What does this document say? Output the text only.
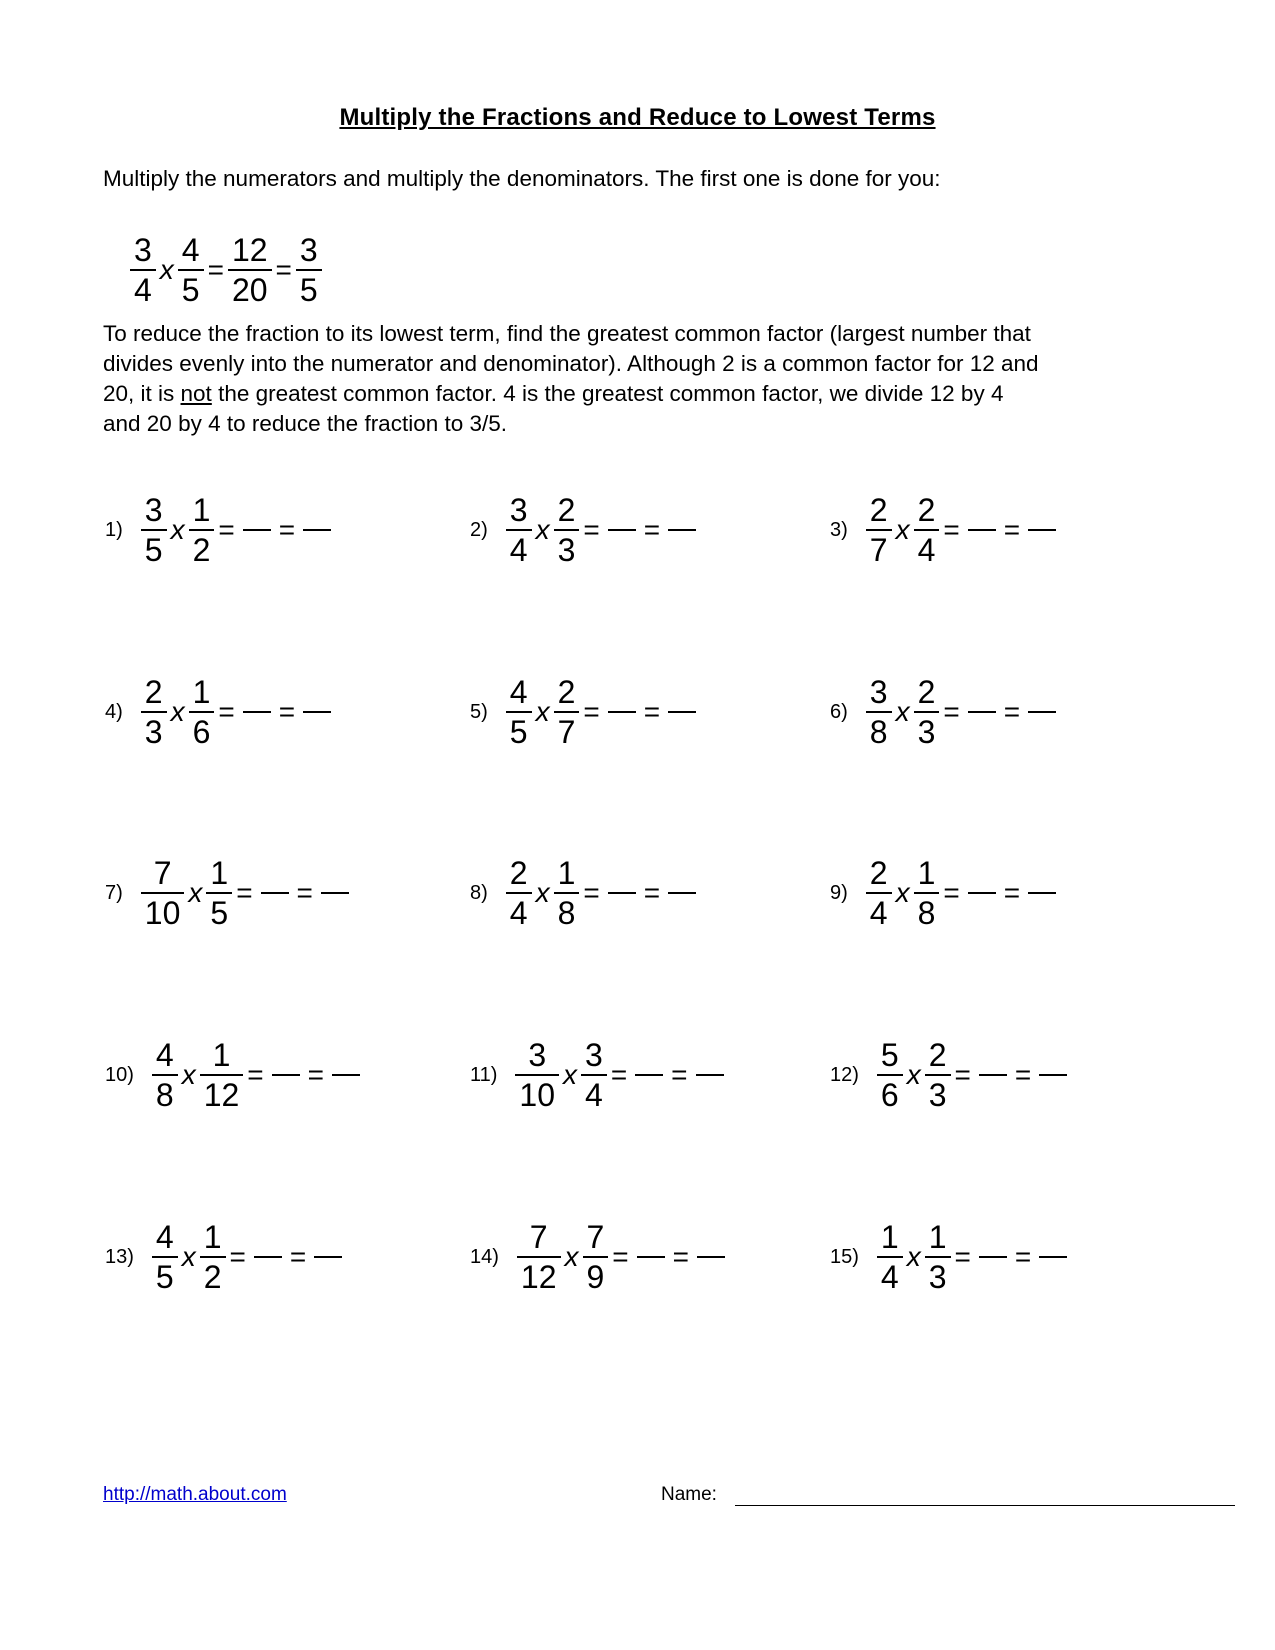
Multiply the Fractions and Reduce to Lowest Terms
Multiply the numerators and multiply the denominators. The first one is done for you:
$\frac{3}{4}$ x $\frac{4}{5} = \frac{12}{20} = \frac{3}{5}$
To reduce the fraction to its lowest term, find the greatest common factor (largest number that
divides evenly into the numerator and denominator). Although 2 is a common factor for 12 and
20, it is not the greatest common factor. 4 is the greatest common factor, we divide 12 by 4
and 20 by 4 to reduce the fraction to 3/5.
$1) \frac{3}{5}$ x $\frac{1}{2}$ = =	$2) \frac{3}{4}$ x $\frac{2}{3}$ = =	$3) \frac{2}{7}$ x $\frac{2}{4}$ = =
$4) \frac{2}{3}$ x $\frac{1}{6}$ = =	$5) \frac{4}{5}$ x $\frac{2}{7}$ = =	$6) \frac{3}{8}$ x $\frac{2}{3}$ = =
$7) \frac{7}{10}$ x $\frac{1}{5}$ = =	$8) \frac{2}{4}$ x $\frac{1}{8}$ = =	$9) \frac{2}{4}$ x $\frac{1}{8}$ = =
$10) \frac{4}{8}$ x $\frac{1}{12}$ = =	$11) \frac{3}{10}$ x $\frac{3}{4}$ = =	$12) \frac{5}{6}$ x $\frac{2}{3}$ = =
$13) \frac{4}{5}$ x $\frac{1}{2}$ = =	$14) \frac{7}{12}$ x $\frac{7}{9}$ = =	$15) \frac{1}{4}$ x $\frac{1}{3}$ = =
http://math.about.com	Name:
